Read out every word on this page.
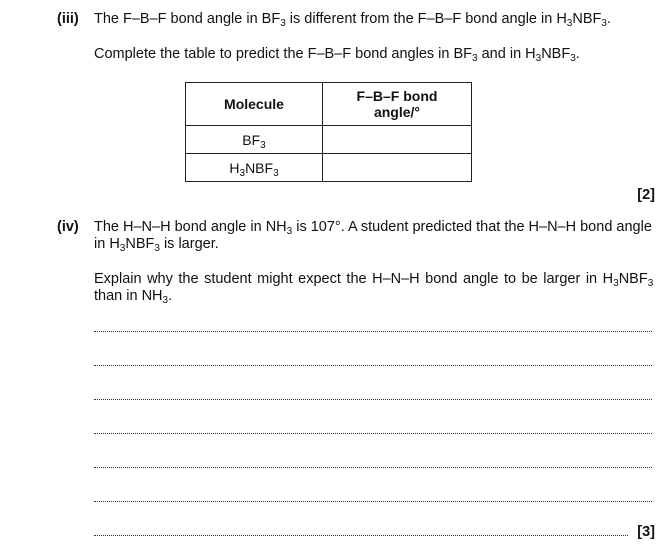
(iii) The F–B–F bond angle in $BF_3$ is different from the F–B–F bond angle in $H_3NBF_3$.
Complete the table to predict the F–B–F bond angles in $BF_3$ and in $H_3NBF_3$.
Molecule	F–B–F bond
angle/°

$BF_3$	
$H_3NBF_3$	
[2]
(iv) The H–N–H bond angle in $NH_3$ is 107°. A student predicted that the H–N–H bond angle
in $H_3NBF_3$ is larger.
Explain why the student might expect the H–N–H bond angle to be larger in $H_3NBF_3$
than in $NH_3$.
[3]
